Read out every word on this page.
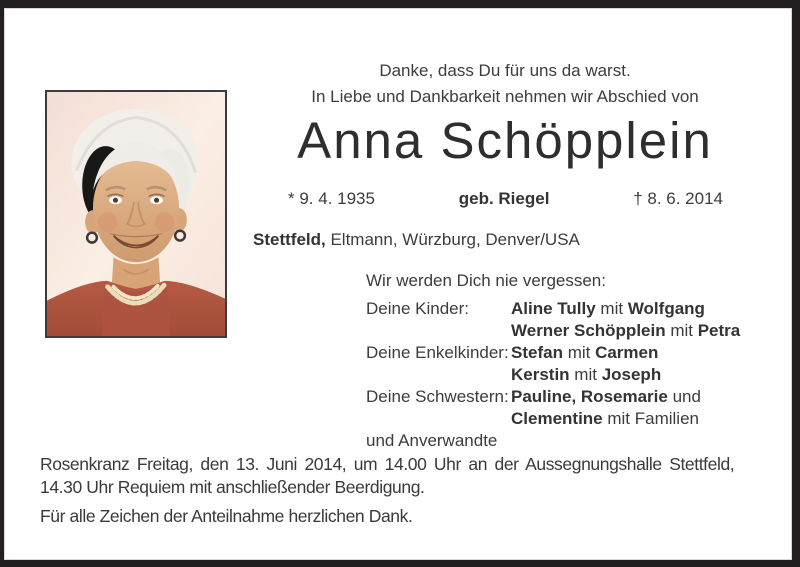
Danke, dass Du für uns da warst.
In Liebe und Dankbarkeit nehmen wir Abschied von
Anna Schöpplein
* 9. 4. 1935	geb. Riegel	† 8. 6. 2014
Stettfeld, Eltmann, Würzburg, Denver/USA
Wir werden Dich nie vergessen:
Deine Kinder: Aline Tully mit Wolfgang
Werner Schöpplein mit Petra
Deine Enkelkinder: Stefan mit Carmen
Kerstin mit Joseph
Deine Schwestern: Pauline, Rosemarie und
Clementine mit Familien
und Anverwandte
Rosenkranz Freitag, den 13. Juni 2014, um 14.00 Uhr an der Aussegnungshalle Stettfeld,
14.30 Uhr Requiem mit anschließender Beerdigung.
Für alle Zeichen der Anteilnahme herzlichen Dank.
